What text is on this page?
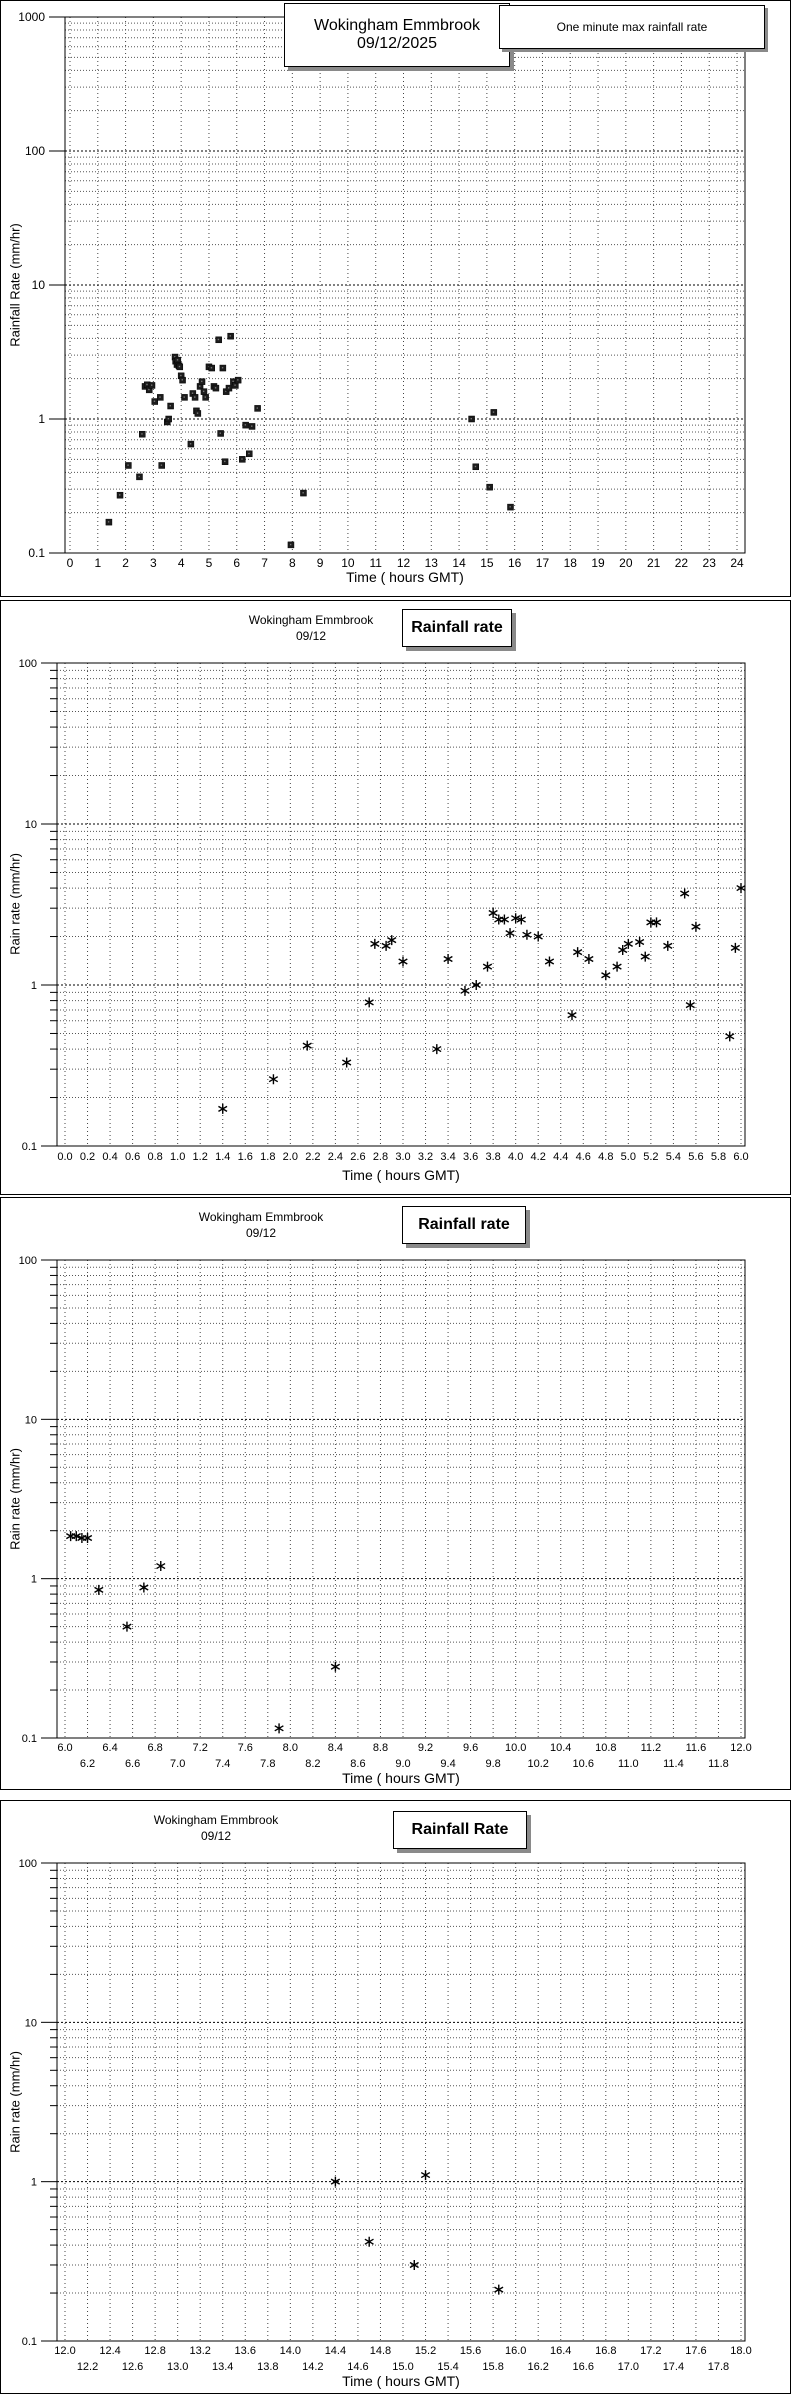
1000
100
10
1
0.1
0 1 2 3 4 5 6 7 8 9 10 11 12 13 14 15 16 17 18 19 20 21 22 23 24
Rainfall Rate (mm/hr)
Time ( hours GMT)
Wokingham Emmbrook
09/12/2025
One minute max rainfall rate
100
10
1
0.1
0.0 0.2 0.4 0.6 0.8 1.0 1.2 1.4 1.6 1.8 2.0 2.2 2.4 2.6 2.8 3.0 3.2 3.4 3.6 3.8 4.0 4.2 4.4 4.6 4.8 5.0 5.2 5.4 5.6 5.8 6.0
Rain rate (mm/hr)
Time ( hours GMT)
Wokingham Emmbrook
09/12	Rainfall rate
100
10
1
0.1
6.0
6.2
6.4
6.6
6.8
7.0
7.2
7.4
7.6
7.8
8.0
8.2
8.4
8.6
8.8
9.0
9.2
9.4
9.6
9.8
10.0
10.2
10.4
10.6
10.8
11.0
11.2
11.4
11.6
11.8
12.0
Rain rate (mm/hr)
Time ( hours GMT)
Wokingham Emmbrook
09/12	Rainfall rate
100
10
1
0.1
12.0
12.2
12.4
12.6
12.8
13.0
13.2
13.4
13.6
13.8
14.0
14.2
14.4
14.6
14.8
15.0
15.2
15.4
15.6
15.8
16.0
16.2
16.4
16.6
16.8
17.0
17.2
17.4
17.6
17.8
18.0
Rain rate (mm/hr)
Time ( hours GMT)
Wokingham Emmbrook
09/12	Rainfall Rate
